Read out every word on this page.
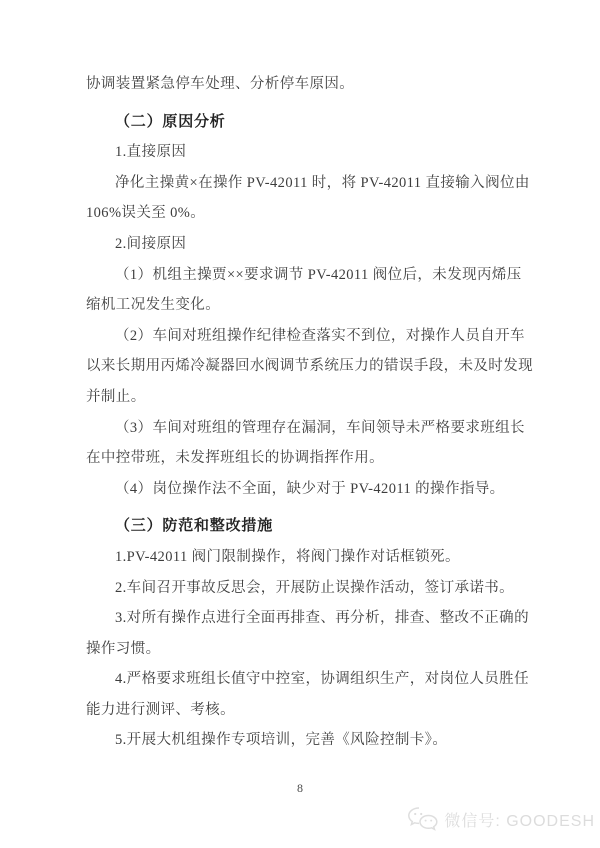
协调装置紧急停车处理、分析停车原因。
（二）原因分析
1.直接原因
净化主操黄×在操作 PV-42011 时，将 PV-42011 直接输入阀位由
106%误关至 0%。
2.间接原因
（1）机组主操贾××要求调节 PV-42011 阀位后，未发现丙烯压
缩机工况发生变化。
（2）车间对班组操作纪律检查落实不到位，对操作人员自开车
以来长期用丙烯冷凝器回水阀调节系统压力的错误手段，未及时发现
并制止。
（3）车间对班组的管理存在漏洞，车间领导未严格要求班组长
在中控带班，未发挥班组长的协调指挥作用。
（4）岗位操作法不全面，缺少对于 PV-42011 的操作指导。
（三）防范和整改措施
1.PV-42011 阀门限制操作，将阀门操作对话框锁死。
2.车间召开事故反思会，开展防止误操作活动，签订承诺书。
3.对所有操作点进行全面再排查、再分析，排查、整改不正确的
操作习惯。
4.严格要求班组长值守中控室，协调组织生产，对岗位人员胜任
能力进行测评、考核。
5.开展大机组操作专项培训，完善《风险控制卡》。
8
微信号: GOODESH
